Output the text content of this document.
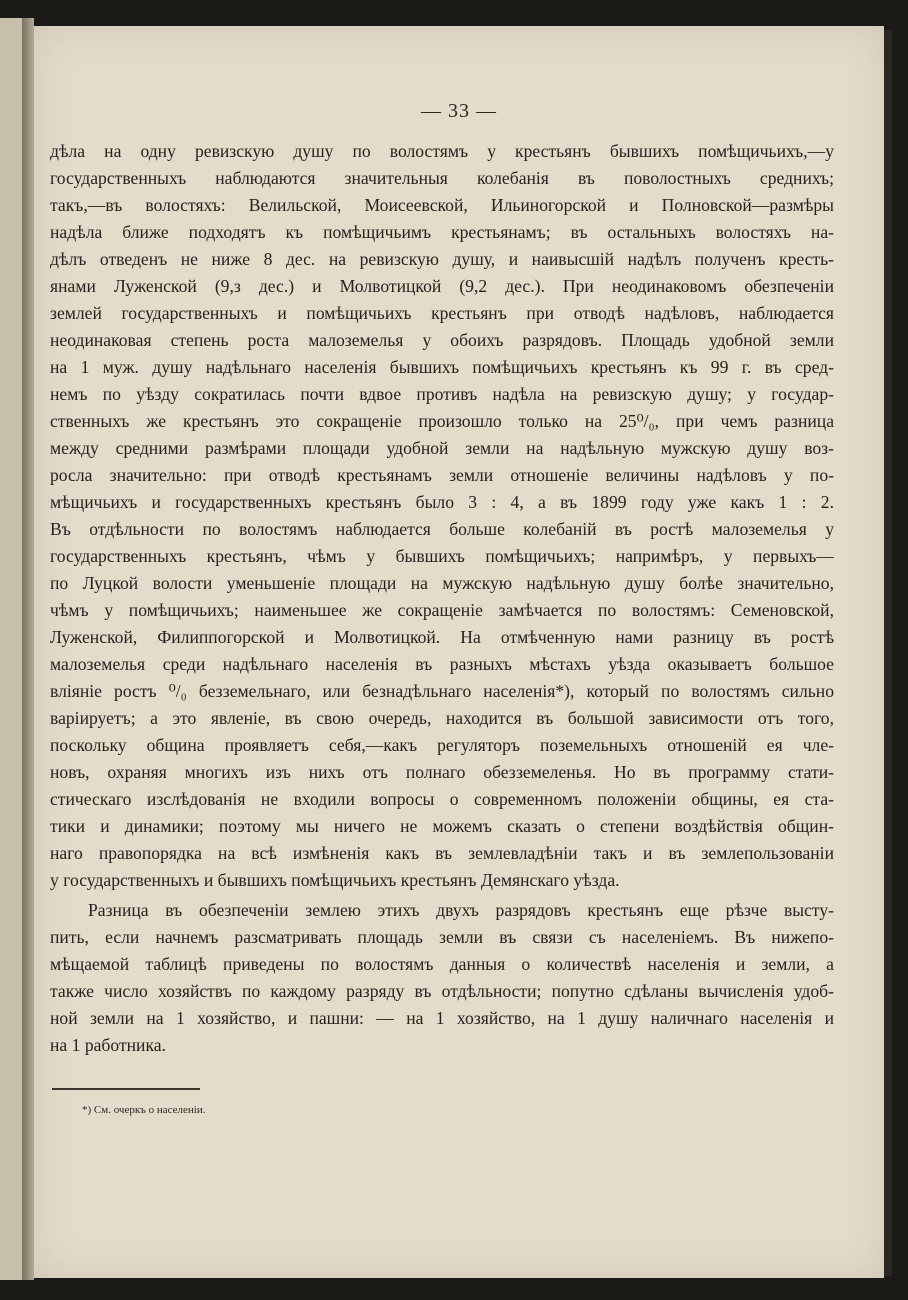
— 33 —
дѣла на одну ревизскую душу по волостямъ у крестьянъ бывшихъ помѣщичьихъ,—у
государственныхъ наблюдаются значительныя колебанія въ поволостныхъ среднихъ;
такъ,—въ волостяхъ: Велильской, Моисеевской, Ильиногорской и Полновской—размѣры
надѣла ближе подходятъ къ помѣщичьимъ крестьянамъ; въ остальныхъ волостяхъ на-
дѣлъ отведенъ не ниже 8 дес. на ревизскую душу, и наивысшій надѣлъ полученъ кресть-
янами Луженской (9,з дес.) и Молвотицкой (9,2 дес.). При неодинаковомъ обезпеченіи
землей государственныхъ и помѣщичьихъ крестьянъ при отводѣ надѣловъ, наблюдается
неодинаковая степень роста малоземелья у обоихъ разрядовъ. Площадь удобной земли
на 1 муж. душу надѣльнаго населенія бывшихъ помѣщичьихъ крестьянъ къ 99 г. въ сред-
немъ по уѣзду сократилась почти вдвое противъ надѣла на ревизскую душу; у государ-
ственныхъ же крестьянъ это сокращеніе произошло только на 25⁰/₀, при чемъ разница
между средними размѣрами площади удобной земли на надѣльную мужскую душу воз-
росла значительно: при отводѣ крестьянамъ земли отношеніе величины надѣловъ у по-
мѣщичьихъ и государственныхъ крестьянъ было 3 : 4, а въ 1899 году уже какъ 1 : 2.
Въ отдѣльности по волостямъ наблюдается больше колебаній въ ростѣ малоземелья у
государственныхъ крестьянъ, чѣмъ у бывшихъ помѣщичьихъ; напримѣръ, у первыхъ—
по Луцкой волости уменьшеніе площади на мужскую надѣльную душу болѣе значительно,
чѣмъ у помѣщичьихъ; наименьшее же сокращеніе замѣчается по волостямъ: Семеновской,
Луженской, Филиппогорской и Молвотицкой. На отмѣченную нами разницу въ ростѣ
малоземелья среди надѣльнаго населенія въ разныхъ мѣстахъ уѣзда оказываетъ большое
вліяніе ростъ ⁰/₀ безземельнаго, или безнадѣльнаго населенія*), который по волостямъ сильно
варіируетъ; а это явленіе, въ свою очередь, находится въ большой зависимости отъ того,
поскольку община проявляетъ себя,—какъ регуляторъ поземельныхъ отношеній ея чле-
новъ, охраняя многихъ изъ нихъ отъ полнаго обезземеленья. Но въ программу стати-
стическаго изслѣдованія не входили вопросы о современномъ положеніи общины, ея ста-
тики и динамики; поэтому мы ничего не можемъ сказать о степени воздѣйствія общин-
наго правопорядка на всѣ измѣненія какъ въ землевладѣніи такъ и въ землепользованіи
у государственныхъ и бывшихъ помѣщичьихъ крестьянъ Демянскаго уѣзда.
Разница въ обезпеченіи землею этихъ двухъ разрядовъ крестьянъ еще рѣзче высту-
пить, если начнемъ разсматривать площадь земли въ связи съ населеніемъ. Въ нижепо-
мѣщаемой таблицѣ приведены по волостямъ данныя о количествѣ населенія и земли, а
также число хозяйствъ по каждому разряду въ отдѣльности; попутно сдѣланы вычисленія удоб-
ной земли на 1 хозяйство, и пашни: — на 1 хозяйство, на 1 душу наличнаго населенія и
на 1 работника.
*) См. очеркъ о населеніи.
